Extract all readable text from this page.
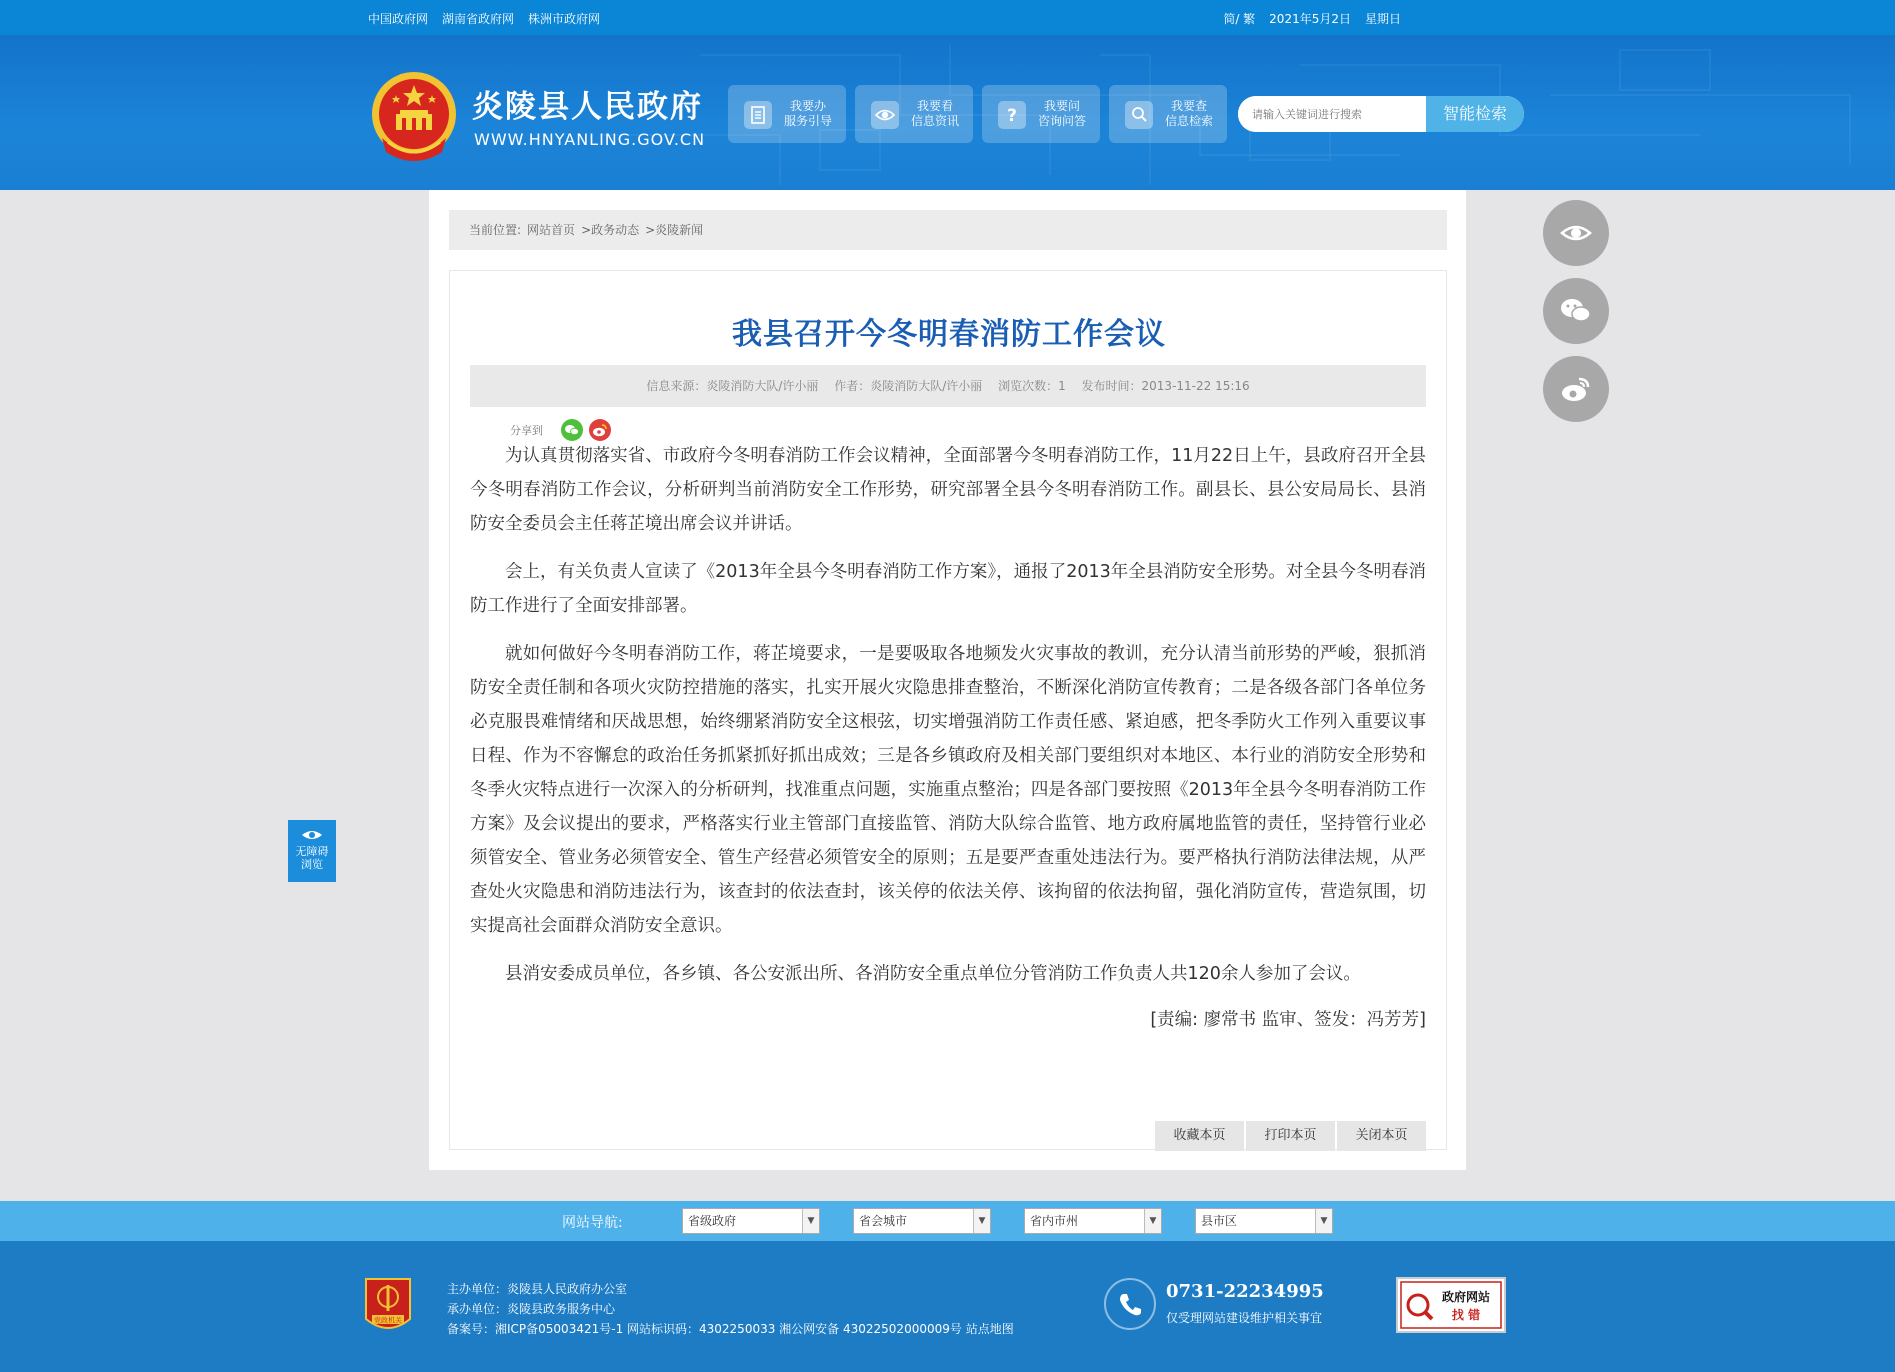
中国政府网 湖南省政府网 株洲市政府网	简/ 繁 2021年5月2日 星期日
炎陵县人民政府
WWW.HNYANLING.GOV.CN
我要办
服务引导
我要看
信息资讯	?	我要问
咨询问答
我要查
信息检索
请输入关键词进行搜索	智能检索
当前位置: 网站首页 >政务动态 >炎陵新闻
我县召开今冬明春消防工作会议
信息来源：炎陵消防大队/许小丽 作者：炎陵消防大队/许小丽 浏览次数：1 发布时间：2013-11-22 15:16
分享到

为认真贯彻落实省、市政府今冬明春消防工作会议精神，全面部署今冬明春消防工作，11月22日上午，县政府召开全县今冬明春消防工作会议，分析研判当前消防安全工作形势，研究部署全县今冬明春消防工作。副县长、县公安局局长、县消防安全委员会主任蒋芷境出席会议并讲话。

会上，有关负责人宣读了《2013年全县今冬明春消防工作方案》，通报了2013年全县消防安全形势。对全县今冬明春消防工作进行了全面安排部署。

就如何做好今冬明春消防工作，蒋芷境要求，一是要吸取各地频发火灾事故的教训，充分认清当前形势的严峻，狠抓消防安全责任制和各项火灾防控措施的落实，扎实开展火灾隐患排查整治，不断深化消防宣传教育；二是各级各部门各单位务必克服畏难情绪和厌战思想，始终绷紧消防安全这根弦，切实增强消防工作责任感、紧迫感，把冬季防火工作列入重要议事日程、作为不容懈怠的政治任务抓紧抓好抓出成效；三是各乡镇政府及相关部门要组织对本地区、本行业的消防安全形势和冬季火灾特点进行一次深入的分析研判，找准重点问题，实施重点整治；四是各部门要按照《2013年全县今冬明春消防工作方案》及会议提出的要求，严格落实行业主管部门直接监管、消防大队综合监管、地方政府属地监管的责任，坚持管行业必须管安全、管业务必须管安全、管生产经营必须管安全的原则；五是要严查重处违法行为。要严格执行消防法律法规，从严查处火灾隐患和消防违法行为，该查封的依法查封，该关停的依法关停、该拘留的依法拘留，强化消防宣传，营造氛围，切实提高社会面群众消防安全意识。

县消安委成员单位，各乡镇、各公安派出所、各消防安全重点单位分管消防工作负责人共120余人参加了会议。

[责编: 廖常书 监审、签发：冯芳芳]
收藏本页	打印本页	关闭本页
无障碍
浏览
网站导航:	省级政府	▼	省会城市	▼	省内市州	▼	县市区	▼
党政机关
主办单位：炎陵县人民政府办公室
承办单位：炎陵县政务服务中心
备案号：湘ICP备05003421号-1 网站标识码：4302250033 湘公网安备 43022502000009号 站点地图
0731-22234995
仅受理网站建设维护相关事宜
政府网站
找 错
